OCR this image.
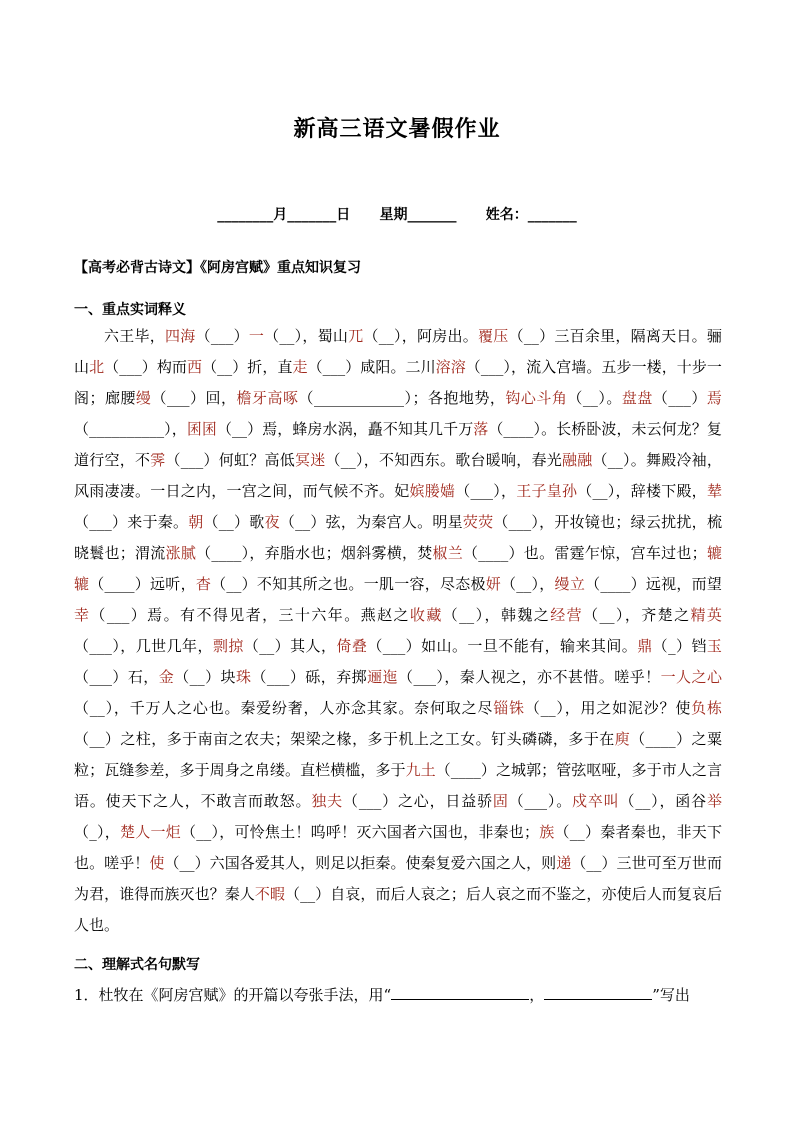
新高三语文暑假作业
________月_______日      星期_______      姓名：_______
【高考必背古诗文】《阿房宫赋》重点知识复习
一、重点实词释义
六王毕，四海（___）一（__），蜀山兀（__），阿房出。覆压（__）三百余里，隔离天日。骊山北（___）构而西（__）折，直走（___）咸阳。二川溶溶（___），流入宫墙。五步一楼，十步一阁；廊腰缦（___）回，檐牙高啄（____________）；各抱地势，钩心斗角（__）。盘盘（___）焉（__________），囷囷（__）焉，蜂房水涡，矗不知其几千万落（____）。长桥卧波，未云何龙？复道行空，不霁（___）何虹？高低冥迷（__），不知西东。歌台暖响，春光融融（__）。舞殿冷袖，风雨凄凄。一日之内，一宫之间，而气候不齐。妃嫔媵嫱（___），王子皇孙（__），辞楼下殿，辇（___）来于秦。朝（__）歌夜（__）弦，为秦宫人。明星荧荧（___），开妆镜也；绿云扰扰，梳晓鬟也；渭流涨腻（____），弃脂水也；烟斜雾横，焚椒兰（____）也。雷霆乍惊，宫车过也；辘辘（____）远听，杳（__）不知其所之也。一肌一容，尽态极妍（__），缦立（____）远视，而望幸（___）焉。有不得见者，三十六年。燕赵之收藏（__），韩魏之经营（__），齐楚之精英（___），几世几年，剽掠（__）其人，倚叠（___）如山。一旦不能有，输来其间。鼎（_）铛玉（___）石，金（__）块珠（___）砾，弃掷逦迤（___），秦人视之，亦不甚惜。嗟乎！一人之心（__），千万人之心也。秦爱纷奢，人亦念其家。奈何取之尽锱铢（__），用之如泥沙？使负栋（__）之柱，多于南亩之农夫；架梁之椽，多于机上之工女。钉头磷磷，多于在庾（____）之粟粒；瓦缝参差，多于周身之帛缕。直栏横槛，多于九土（____）之城郭；管弦呕哑，多于市人之言语。使天下之人，不敢言而敢怒。独夫（___）之心，日益骄固（___）。戍卒叫（__），函谷举（_），楚人一炬（__），可怜焦土！呜呼！灭六国者六国也，非秦也；族（__）秦者秦也，非天下也。嗟乎！使（__）六国各爱其人，则足以拒秦。使秦复爱六国之人，则递（__）三世可至万世而为君，谁得而族灭也？秦人不暇（__）自哀，而后人哀之；后人哀之而不鉴之，亦使后人而复哀后人也。
二、理解式名句默写
1．杜牧在《阿房宫赋》的开篇以夸张手法，用“	，	”写出
